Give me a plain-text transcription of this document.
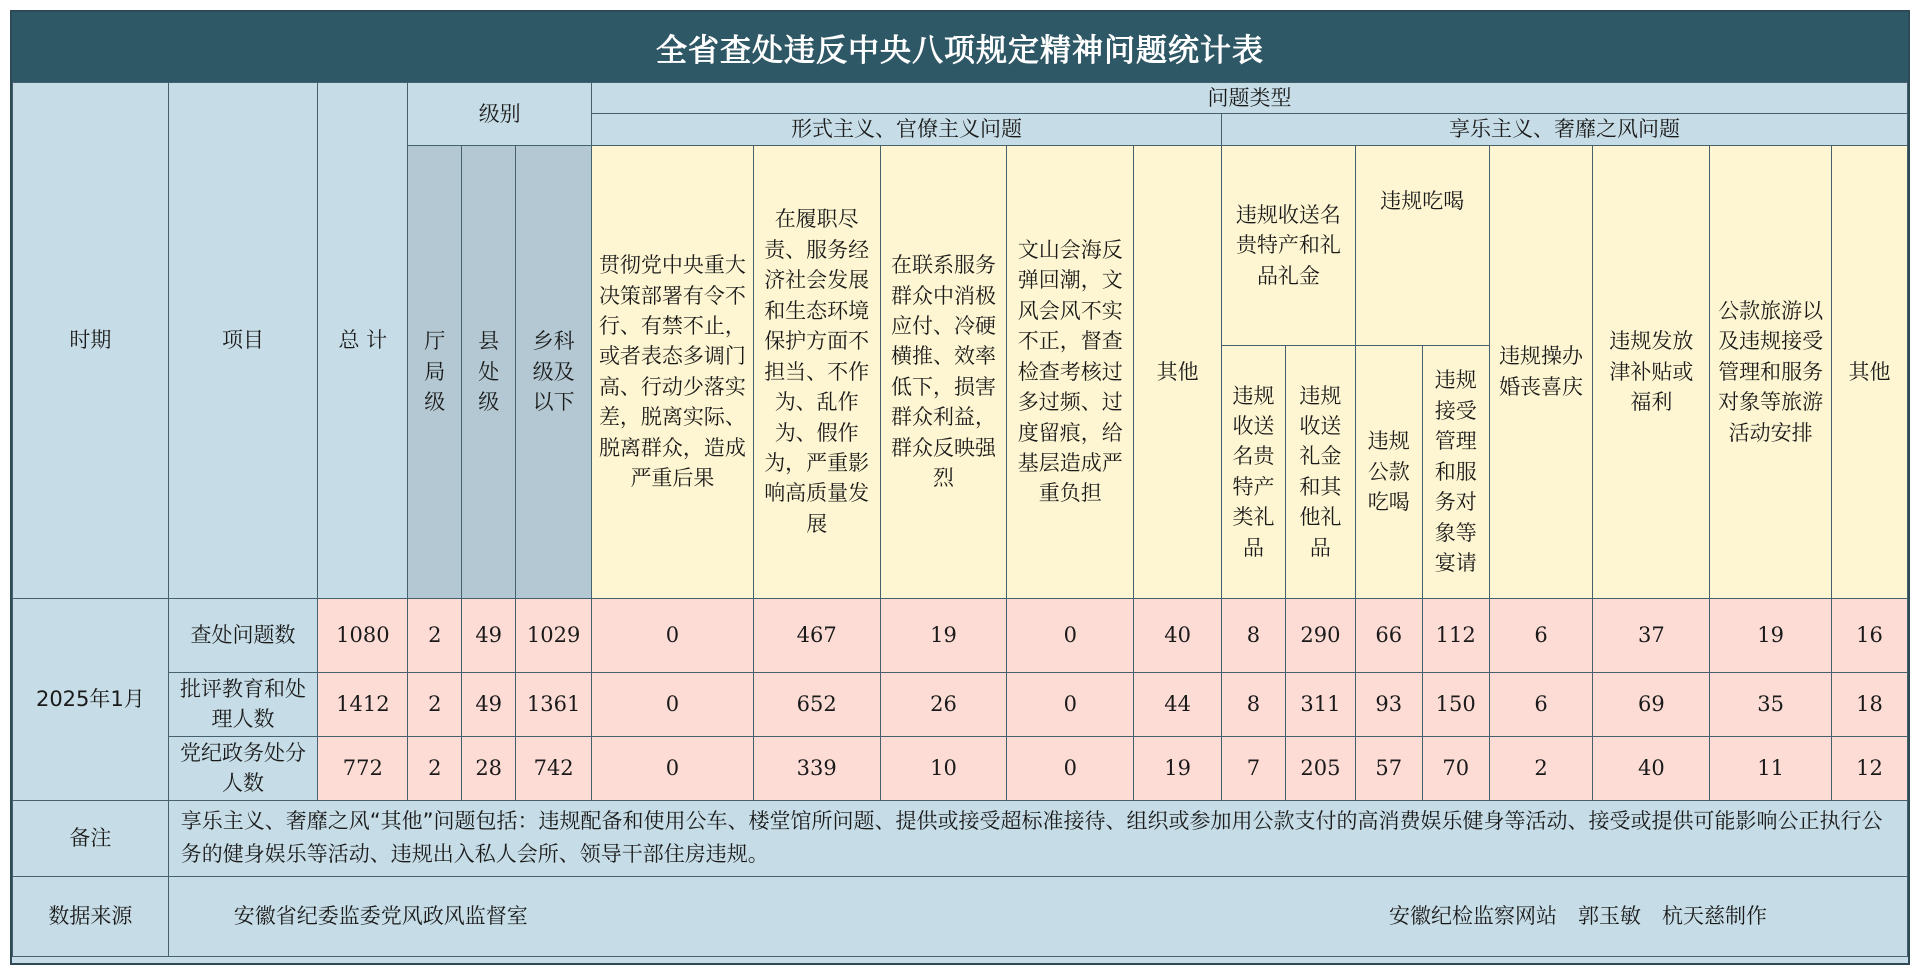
全省查处违反中央八项规定精神问题统计表
时期	项目	总 计	级别			问题类型												
						形式主义、官僚主义问题					享乐主义、奢靡之风问题							
			厅局级	县处级	乡科级及以下	贯彻党中央重大决策部署有令不行、有禁不止，或者表态多调门高、行动少落实差，脱离实际、脱离群众，造成严重后果	在履职尽责、服务经济社会发展和生态环境保护方面不担当、不作为、乱作为、假作为，严重影响高质量发展	在联系服务群众中消极应付、冷硬横推、效率低下，损害群众利益，群众反映强烈	文山会海反弹回潮，文风会风不实不正，督查检查考核过多过频、过度留痕，给基层造成严重负担	其他	违规收送名贵特产和礼品礼金		违规吃喝		违规操办婚丧喜庆	违规发放津补贴或福利	公款旅游以及违规接受管理和服务对象等旅游活动安排	其他
											违规收送名贵特产类礼品	违规收送礼金和其他礼品	违规公款吃喝	违规接受管理和服务对象等宴请				
2025年1月	查处问题数	1080	2	49	1029	0	467	19	0	40	8	290	66	112	6	37	19	16
	批评教育和处理人数	1412	2	49	1361	0	652	26	0	44	8	311	93	150	6	69	35	18
	党纪政务处分人数	772	2	28	742	0	339	10	0	19	7	205	57	70	2	40	11	12
备注	享乐主义、奢靡之风“其他”问题包括：违规配备和使用公车、楼堂馆所问题、提供或接受超标准接待、组织或参加用公款支付的高消费娱乐健身等活动、接受或提供可能影响公正执行公务的健身娱乐等活动、违规出入私人会所、领导干部住房违规。																	
数据来源	安徽省纪委监委党风政风监督室 安徽纪检监察网站　郭玉敏　杭天慈制作																	
